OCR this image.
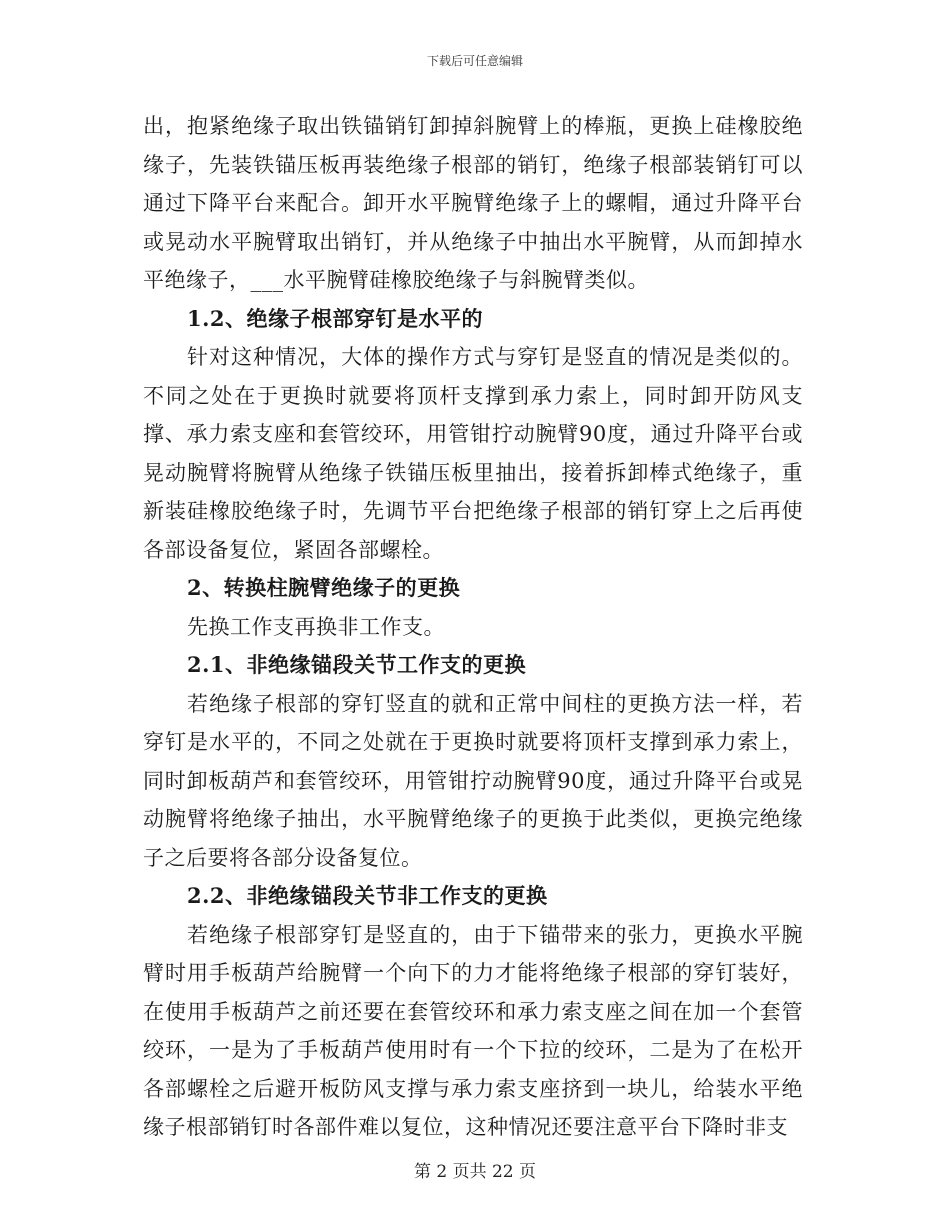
下载后可任意编辑

出，抱紧绝缘子取出铁锚销钉卸掉斜腕臂上的棒瓶，更换上硅橡胶绝缘子，先装铁锚压板再装绝缘子根部的销钉，绝缘子根部装销钉可以通过下降平台来配合。卸开水平腕臂绝缘子上的螺帽，通过升降平台或晃动水平腕臂取出销钉，并从绝缘子中抽出水平腕臂，从而卸掉水平绝缘子，___水平腕臂硅橡胶绝缘子与斜腕臂类似。

1.2、绝缘子根部穿钉是水平的

针对这种情况，大体的操作方式与穿钉是竖直的情况是类似的。不同之处在于更换时就要将顶杆支撑到承力索上，同时卸开防风支撑、承力索支座和套管绞环，用管钳拧动腕臂90度，通过升降平台或晃动腕臂将腕臂从绝缘子铁锚压板里抽出，接着拆卸棒式绝缘子，重新装硅橡胶绝缘子时，先调节平台把绝缘子根部的销钉穿上之后再使各部设备复位，紧固各部螺栓。

2、转换柱腕臂绝缘子的更换

先换工作支再换非工作支。

2.1、非绝缘锚段关节工作支的更换

若绝缘子根部的穿钉竖直的就和正常中间柱的更换方法一样，若穿钉是水平的，不同之处就在于更换时就要将顶杆支撑到承力索上，同时卸板葫芦和套管绞环，用管钳拧动腕臂90度，通过升降平台或晃动腕臂将绝缘子抽出，水平腕臂绝缘子的更换于此类似，更换完绝缘子之后要将各部分设备复位。

2.2、非绝缘锚段关节非工作支的更换

若绝缘子根部穿钉是竖直的，由于下锚带来的张力，更换水平腕臂时用手板葫芦给腕臂一个向下的力才能将绝缘子根部的穿钉装好，在使用手板葫芦之前还要在套管绞环和承力索支座之间在加一个套管绞环，一是为了手板葫芦使用时有一个下拉的绞环，二是为了在松开各部螺栓之后避开板防风支撑与承力索支座挤到一块儿，给装水平绝缘子根部销钉时各部件难以复位，这种情况还要注意平台下降时非支

第 2 页共 22 页
